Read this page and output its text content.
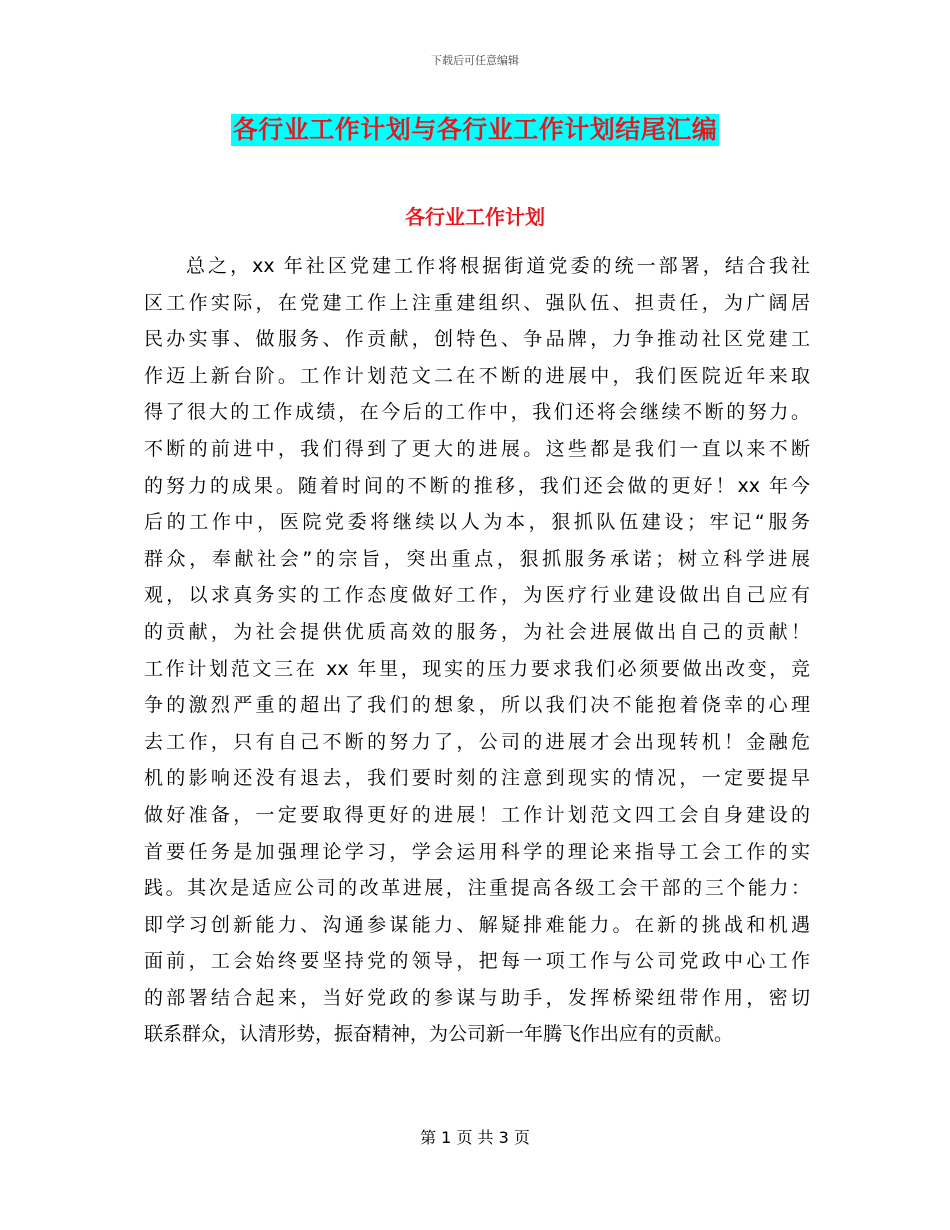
下载后可任意编辑
各行业工作计划与各行业工作计划结尾汇编
各行业工作计划
总之，xx 年社区党建工作将根据街道党委的统一部署，结合我社
区工作实际，在党建工作上注重建组织、强队伍、担责任，为广阔居
民办实事、做服务、作贡献，创特色、争品牌，力争推动社区党建工
作迈上新台阶。工作计划范文二在不断的进展中，我们医院近年来取
得了很大的工作成绩，在今后的工作中，我们还将会继续不断的努力。
不断的前进中，我们得到了更大的进展。这些都是我们一直以来不断
的努力的成果。随着时间的不断的推移，我们还会做的更好！xx 年今
后的工作中，医院党委将继续以人为本，狠抓队伍建设；牢记“服务
群众，奉献社会”的宗旨，突出重点，狠抓服务承诺；树立科学进展
观，以求真务实的工作态度做好工作，为医疗行业建设做出自己应有
的贡献，为社会提供优质高效的服务，为社会进展做出自己的贡献！
工作计划范文三在 xx 年里，现实的压力要求我们必须要做出改变，竞
争的激烈严重的超出了我们的想象，所以我们决不能抱着侥幸的心理
去工作，只有自己不断的努力了，公司的进展才会出现转机！金融危
机的影响还没有退去，我们要时刻的注意到现实的情况，一定要提早
做好准备，一定要取得更好的进展！工作计划范文四工会自身建设的
首要任务是加强理论学习，学会运用科学的理论来指导工会工作的实
践。其次是适应公司的改革进展，注重提高各级工会干部的三个能力：
即学习创新能力、沟通参谋能力、解疑排难能力。在新的挑战和机遇
面前，工会始终要坚持党的领导，把每一项工作与公司党政中心工作
的部署结合起来，当好党政的参谋与助手，发挥桥梁纽带作用，密切
联系群众，认清形势，振奋精神，为公司新一年腾飞作出应有的贡献。
第 1 页 共 3 页
